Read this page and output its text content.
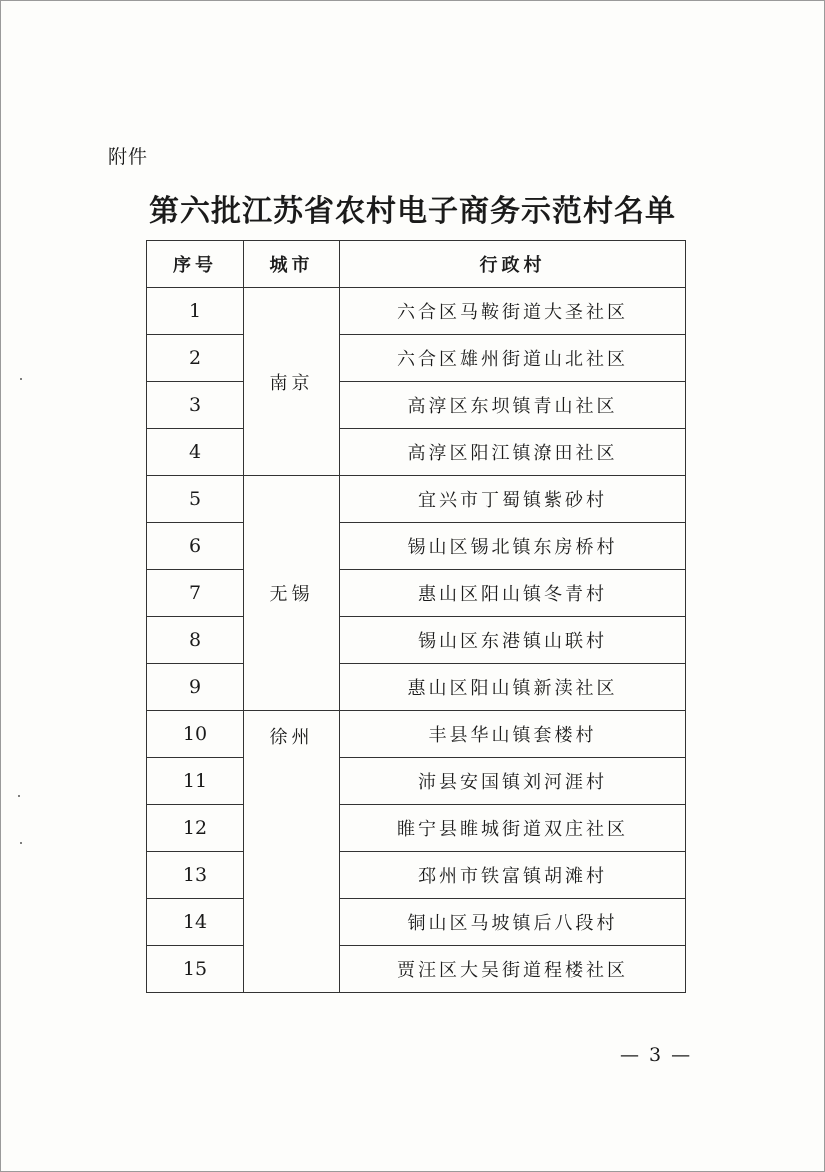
附件
第六批江苏省农村电子商务示范村名单
序号	城市	行政村
1	南京	六合区马鞍街道大圣社区
2		六合区雄州街道山北社区
3		高淳区东坝镇青山社区
4		高淳区阳江镇潦田社区
5	无锡	宜兴市丁蜀镇紫砂村
6		锡山区锡北镇东房桥村
7		惠山区阳山镇冬青村
8		锡山区东港镇山联村
9		惠山区阳山镇新渎社区
10	徐州	丰县华山镇套楼村
11		沛县安国镇刘河涯村
12		睢宁县睢城街道双庄社区
13		邳州市铁富镇胡滩村
14		铜山区马坡镇后八段村
15		贾汪区大吴街道程楼社区
— 3 —
